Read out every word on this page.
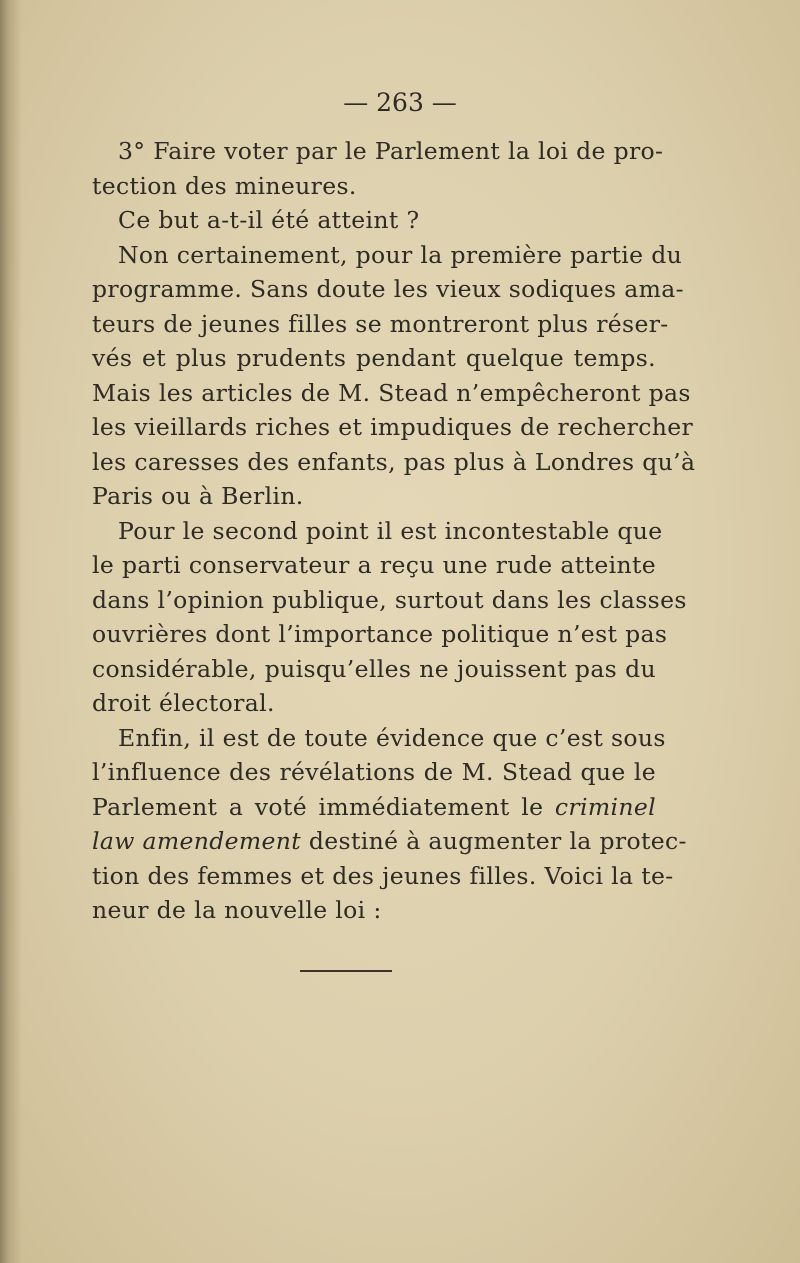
— 263 —
3° Faire voter par le Parlement la loi de pro-
tection des mineures.
Ce but a-t-il été atteint ?
Non certainement, pour la première partie du
programme. Sans doute les vieux sodiques ama-
teurs de jeunes filles se montreront plus réser-
vés et plus prudents pendant quelque temps.
Mais les articles de M. Stead n’empêcheront pas
les vieillards riches et impudiques de rechercher
les caresses des enfants, pas plus à Londres qu’à
Paris ou à Berlin.
Pour le second point il est incontestable que
le parti conservateur a reçu une rude atteinte
dans l’opinion publique, surtout dans les classes
ouvrières dont l’importance politique n’est pas
considérable, puisqu’elles ne jouissent pas du
droit électoral.
Enfin, il est de toute évidence que c’est sous
l’influence des révélations de M. Stead que le
Parlement a voté immédiatement le criminel
law amendement destiné à augmenter la protec-
tion des femmes et des jeunes filles. Voici la te-
neur de la nouvelle loi :
